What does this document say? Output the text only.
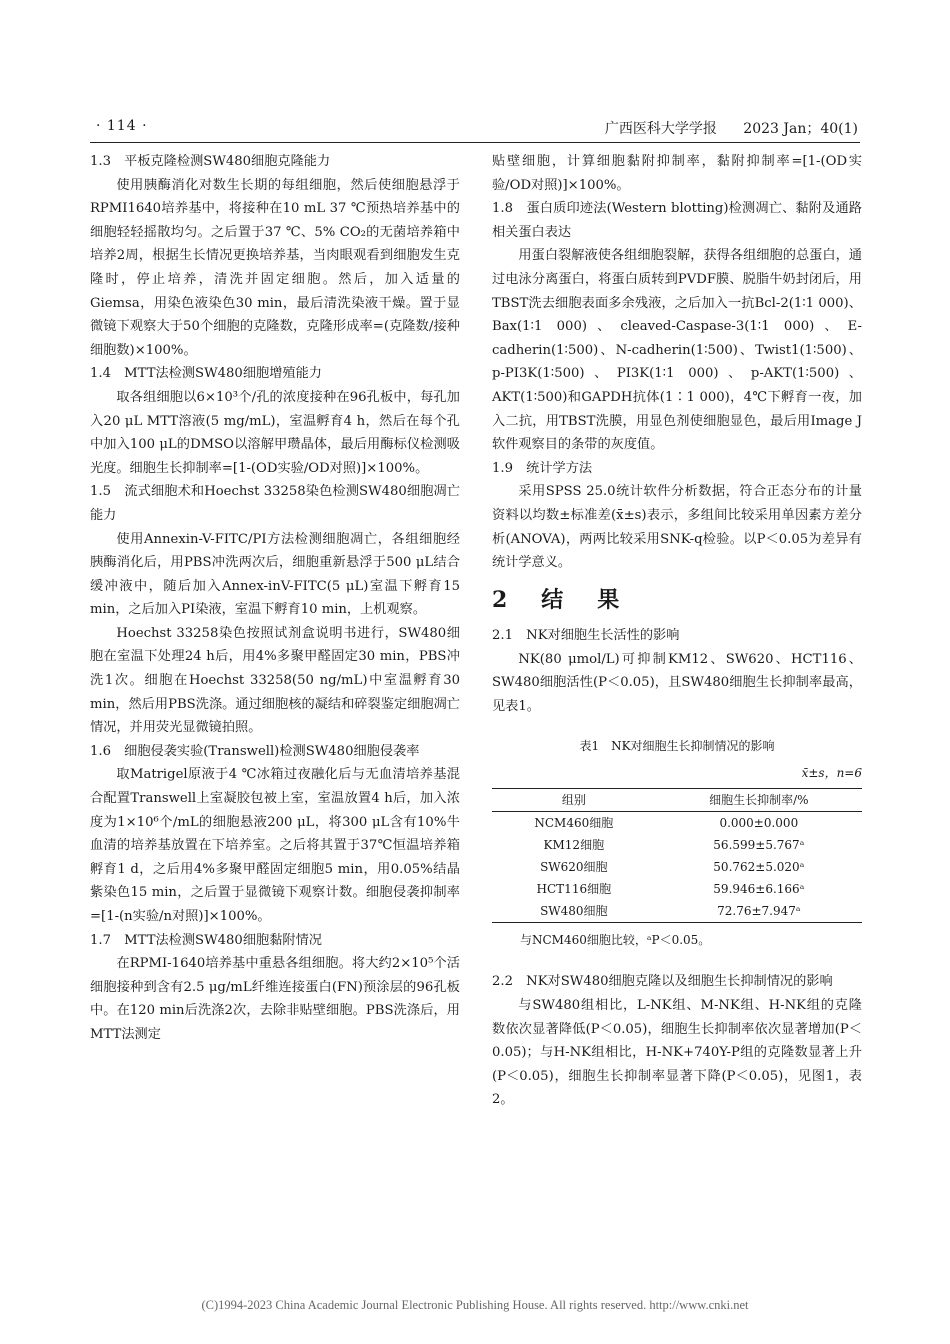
· 114 ·	广西医科大学学报 2023 Jan；40(1)

1.3　平板克隆检测SW480细胞克隆能力

使用胰酶消化对数生长期的每组细胞，然后使细胞悬浮于RPMI1640培养基中，将接种在10 mL 37 ℃预热培养基中的细胞轻轻摇散均匀。之后置于37 ℃、5% CO₂的无菌培养箱中培养2周，根据生长情况更换培养基，当肉眼观看到细胞发生克隆时，停止培养，清洗并固定细胞。然后，加入适量的Giemsa，用染色液染色30 min，最后清洗染液干燥。置于显微镜下观察大于50个细胞的克隆数，克隆形成率=(克隆数/接种细胞数)×100%。

1.4　MTT法检测SW480细胞增殖能力

取各组细胞以6×10³个/孔的浓度接种在96孔板中，每孔加入20 μL MTT溶液(5 mg/mL)，室温孵育4 h，然后在每个孔中加入100 μL的DMSO以溶解甲瓒晶体，最后用酶标仪检测吸光度。细胞生长抑制率=[1-(OD实验/OD对照)]×100%。

1.5　流式细胞术和Hoechst 33258染色检测SW480细胞凋亡能力

使用Annexin-V-FITC/PI方法检测细胞凋亡，各组细胞经胰酶消化后，用PBS冲洗两次后，细胞重新悬浮于500 μL结合缓冲液中，随后加入Annex-inV-FITC(5 μL)室温下孵育15 min，之后加入PI染液，室温下孵育10 min，上机观察。

Hoechst 33258染色按照试剂盒说明书进行，SW480细胞在室温下处理24 h后，用4%多聚甲醛固定30 min，PBS冲洗1次。细胞在Hoechst 33258(50 ng/mL)中室温孵育30 min，然后用PBS洗涤。通过细胞核的凝结和碎裂鉴定细胞凋亡情况，并用荧光显微镜拍照。

1.6　细胞侵袭实验(Transwell)检测SW480细胞侵袭率

取Matrigel原液于4 ℃冰箱过夜融化后与无血清培养基混合配置Transwell上室凝胶包被上室，室温放置4 h后，加入浓度为1×10⁶个/mL的细胞悬液200 μL，将300 μL含有10%牛血清的培养基放置在下培养室。之后将其置于37℃恒温培养箱孵育1 d，之后用4%多聚甲醛固定细胞5 min，用0.05%结晶紫染色15 min，之后置于显微镜下观察计数。细胞侵袭抑制率=[1-(n实验/n对照)]×100%。

1.7　MTT法检测SW480细胞黏附情况

在RPMI-1640培养基中重悬各组细胞。将大约2×10⁵个活细胞接种到含有2.5 μg/mL纤维连接蛋白(FN)预涂层的96孔板中。在120 min后洗涤2次，去除非贴壁细胞。PBS洗涤后，用MTT法测定

贴壁细胞，计算细胞黏附抑制率，黏附抑制率=[1-(OD实验/OD对照)]×100%。

1.8　蛋白质印迹法(Western blotting)检测凋亡、黏附及通路相关蛋白表达

用蛋白裂解液使各组细胞裂解，获得各组细胞的总蛋白，通过电泳分离蛋白，将蛋白质转到PVDF膜、脱脂牛奶封闭后，用TBST洗去细胞表面多余残液，之后加入一抗Bcl-2(1∶1 000)、Bax(1∶1 000)、cleaved-Caspase-3(1∶1 000)、E-cadherin(1∶500)、N-cadherin(1∶500)、Twist1(1∶500)、p-PI3K(1∶500)、PI3K(1∶1 000)、p-AKT(1∶500)、AKT(1∶500)和GAPDH抗体(1∶1 000)，4℃下孵育一夜，加入二抗，用TBST洗膜，用显色剂使细胞显色，最后用Image J软件观察目的条带的灰度值。

1.9　统计学方法

采用SPSS 25.0统计软件分析数据，符合正态分布的计量资料以均数±标准差(x̄±s)表示，多组间比较采用单因素方差分析(ANOVA)，两两比较采用SNK-q检验。以P＜0.05为差异有统计学意义。

2　结　果

2.1　NK对细胞生长活性的影响

NK(80 μmol/L)可抑制KM12、SW620、HCT116、SW480细胞活性(P＜0.05)，且SW480细胞生长抑制率最高，见表1。

表1　NK对细胞生长抑制情况的影响
x̄±s，n=6
组别	细胞生长抑制率/%
NCM460细胞	0.000±0.000
KM12细胞	56.599±5.767ᵃ
SW620细胞	50.762±5.020ᵃ
HCT116细胞	59.946±6.166ᵃ
SW480细胞	72.76±7.947ᵃ
与NCM460细胞比较，ᵃP＜0.05。

2.2　NK对SW480细胞克隆以及细胞生长抑制情况的影响

与SW480组相比，L-NK组、M-NK组、H-NK组的克隆数依次显著降低(P＜0.05)，细胞生长抑制率依次显著增加(P＜0.05)；与H-NK组相比，H-NK+740Y-P组的克隆数显著上升(P＜0.05)，细胞生长抑制率显著下降(P＜0.05)，见图1，表2。

(C)1994-2023 China Academic Journal Electronic Publishing House. All rights reserved. http://www.cnki.net
